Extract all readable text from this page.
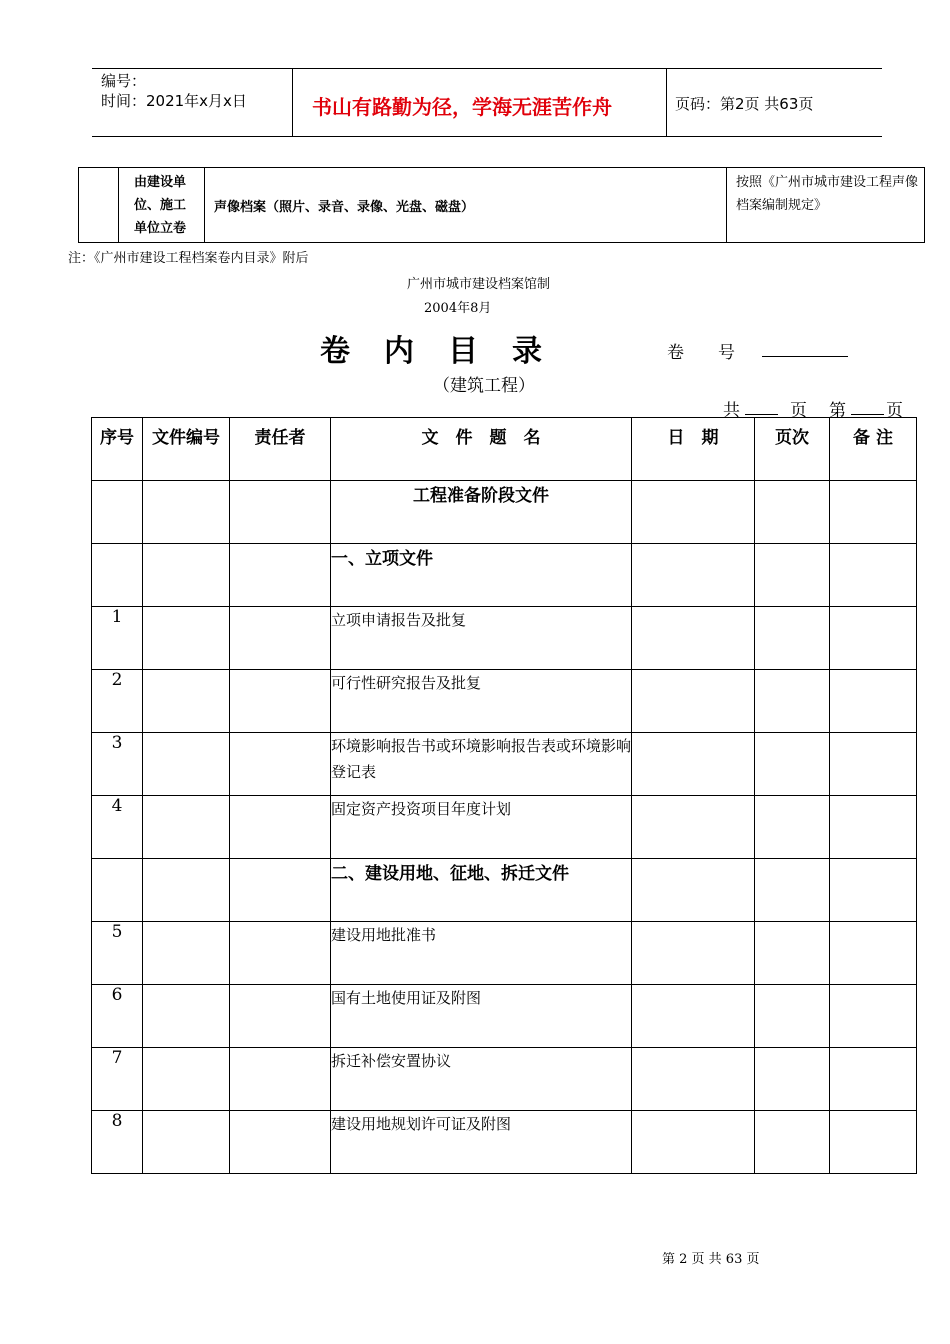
编号：
时间：2021年x月x日	书山有路勤为径，学海无涯苦作舟	页码：第2页 共63页
由建设单位、施工单位立卷
声像档案（照片、录音、录像、光盘、磁盘）
按照《广州市城市建设工程声像档案编制规定》
注：《广州市建设工程档案卷内目录》附后
广州市城市建设档案馆制
2004年8月
卷　内　目　录	卷　　号
（建筑工程）
共	页 第 页
序号	文件编号	责任者	文　件　题　名	日　期	页次	备 注
			工程准备阶段文件			
			一、立项文件			
1			立项申请报告及批复			
2			可行性研究报告及批复			
3			环境影响报告书或环境影响报告表或环境影响登记表			
4			固定资产投资项目年度计划			
			二、建设用地、征地、拆迁文件			
5			建设用地批准书			
6			国有土地使用证及附图			
7			拆迁补偿安置协议			
8			建设用地规划许可证及附图			
第 2 页 共 63 页
